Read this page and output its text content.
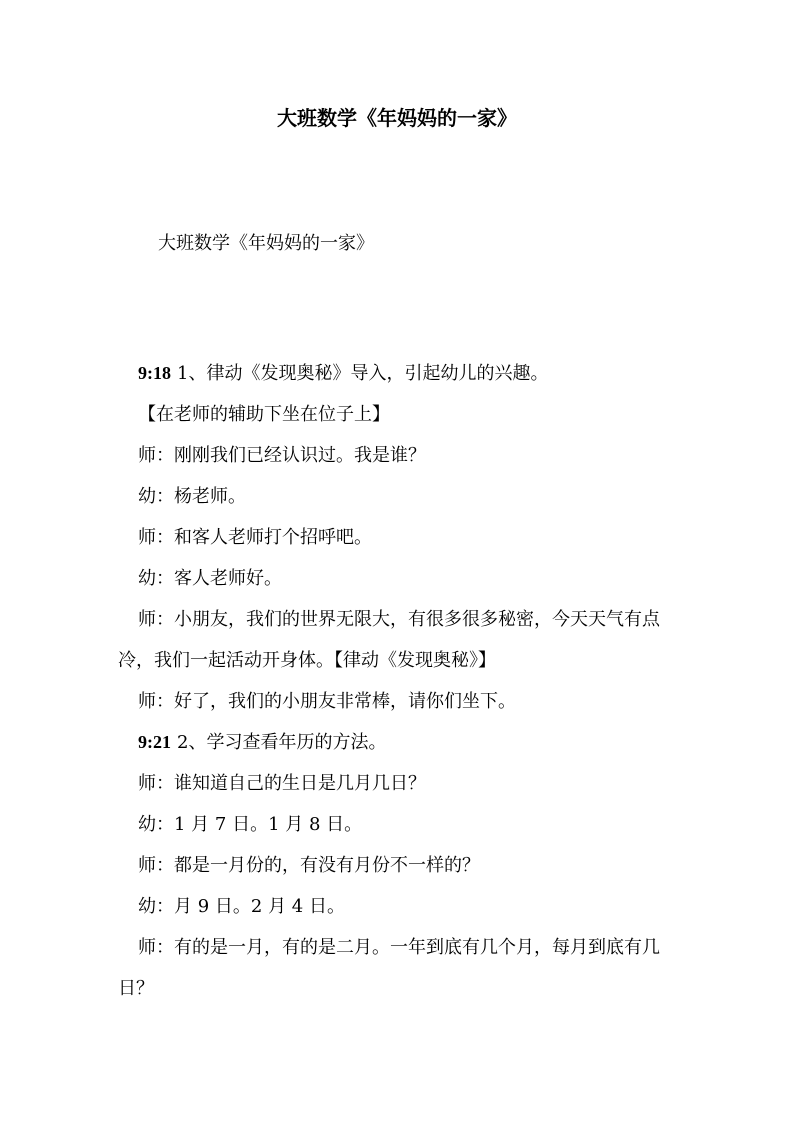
大班数学《年妈妈的一家》
大班数学《年妈妈的一家》

9:18 1、律动《发现奥秘》导入，引起幼儿的兴趣。

【在老师的辅助下坐在位子上】

师：刚刚我们已经认识过。我是谁？

幼：杨老师。

师：和客人老师打个招呼吧。

幼：客人老师好。

师：小朋友，我们的世界无限大，有很多很多秘密，今天天气有点冷，我们一起活动开身体。【律动《发现奥秘》】

师：好了，我们的小朋友非常棒，请你们坐下。

9:21 2、学习查看年历的方法。

师：谁知道自己的生日是几月几日？

幼：1 月 7 日。1 月 8 日。

师：都是一月份的，有没有月份不一样的？

幼：月 9 日。2 月 4 日。

师：有的是一月，有的是二月。一年到底有几个月，每月到底有几日？
